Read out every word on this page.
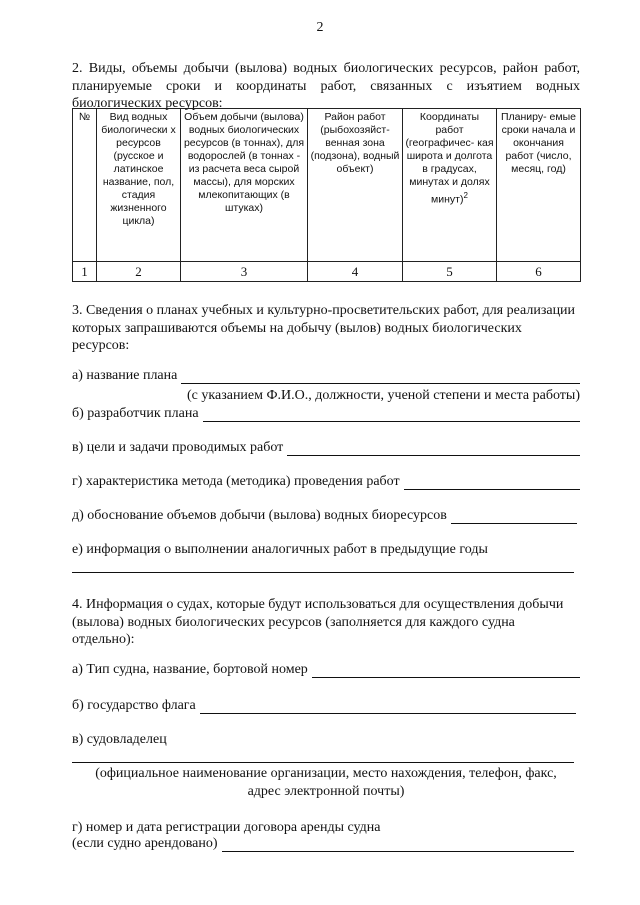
2
2. Виды, объемы добычи (вылова) водных биологических ресурсов, район работ, планируемые сроки и координаты работ, связанных с изъятием водных биологических ресурсов:
№	Вид водных биологически х ресурсов (русское и латинское название, пол, стадия жизненного цикла)	Объем добычи (вылова) водных биологических ресурсов (в тоннах), для водорослей (в тоннах - из расчета веса сырой массы), для морских млекопитающих (в штуках)	Район работ (рыбохозяйст- венная зона (подзона), водный объект)	Координаты работ (географичес- кая широта и долгота в градусах, минутах и долях минут)$^2$	Планиру- емые сроки начала и окончания работ (число, месяц, год)
1	2	3	4	5	6
3. Сведения о планах учебных и культурно-просветительских работ, для реализации которых запрашиваются объемы на добычу (вылов) водных биологических ресурсов:
а) название плана
(с указанием Ф.И.О., должности, ученой степени и места работы)
б) разработчик плана
в) цели и задачи проводимых работ
г) характеристика метода (методика) проведения работ
д) обоснование объемов добычи (вылова) водных биоресурсов
е) информация о выполнении аналогичных работ в предыдущие годы
4. Информация о судах, которые будут использоваться для осуществления добычи (вылова) водных биологических ресурсов (заполняется для каждого судна отдельно):
а) Тип судна, название, бортовой номер
б) государство флага
в) судовладелец
(официальное наименование организации, место нахождения, телефон, факс,
адрес электронной почты)
г) номер и дата регистрации договора аренды судна
(если судно арендовано)
